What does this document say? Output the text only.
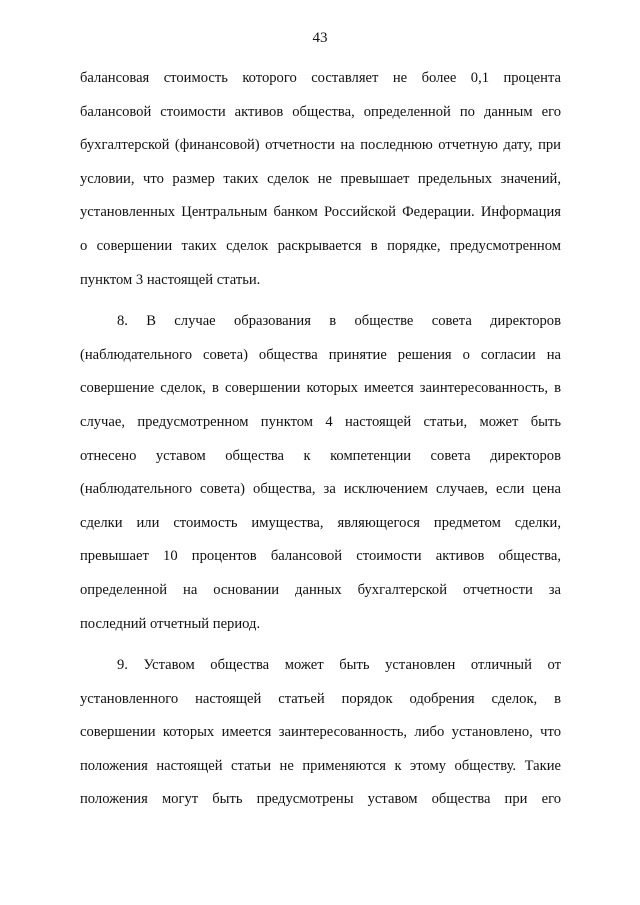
43
балансовая стоимость которого составляет не более 0,1 процента
балансовой стоимости активов общества, определенной по данным его
бухгалтерской (финансовой) отчетности на последнюю отчетную дату, при
условии, что размер таких сделок не превышает предельных значений,
установленных Центральным банком Российской Федерации. Информация
о совершении таких сделок раскрывается в порядке, предусмотренном
пунктом 3 настоящей статьи.
8. В случае образования в обществе совета директоров
(наблюдательного совета) общества принятие решения о согласии на
совершение сделок, в совершении которых имеется заинтересованность, в
случае, предусмотренном пунктом 4 настоящей статьи, может быть
отнесено уставом общества к компетенции совета директоров
(наблюдательного совета) общества, за исключением случаев, если цена
сделки или стоимость имущества, являющегося предметом сделки,
превышает 10 процентов балансовой стоимости активов общества,
определенной на основании данных бухгалтерской отчетности за
последний отчетный период.
9. Уставом общества может быть установлен отличный от
установленного настоящей статьей порядок одобрения сделок, в
совершении которых имеется заинтересованность, либо установлено, что
положения настоящей статьи не применяются к этому обществу. Такие
положения могут быть предусмотрены уставом общества при его
